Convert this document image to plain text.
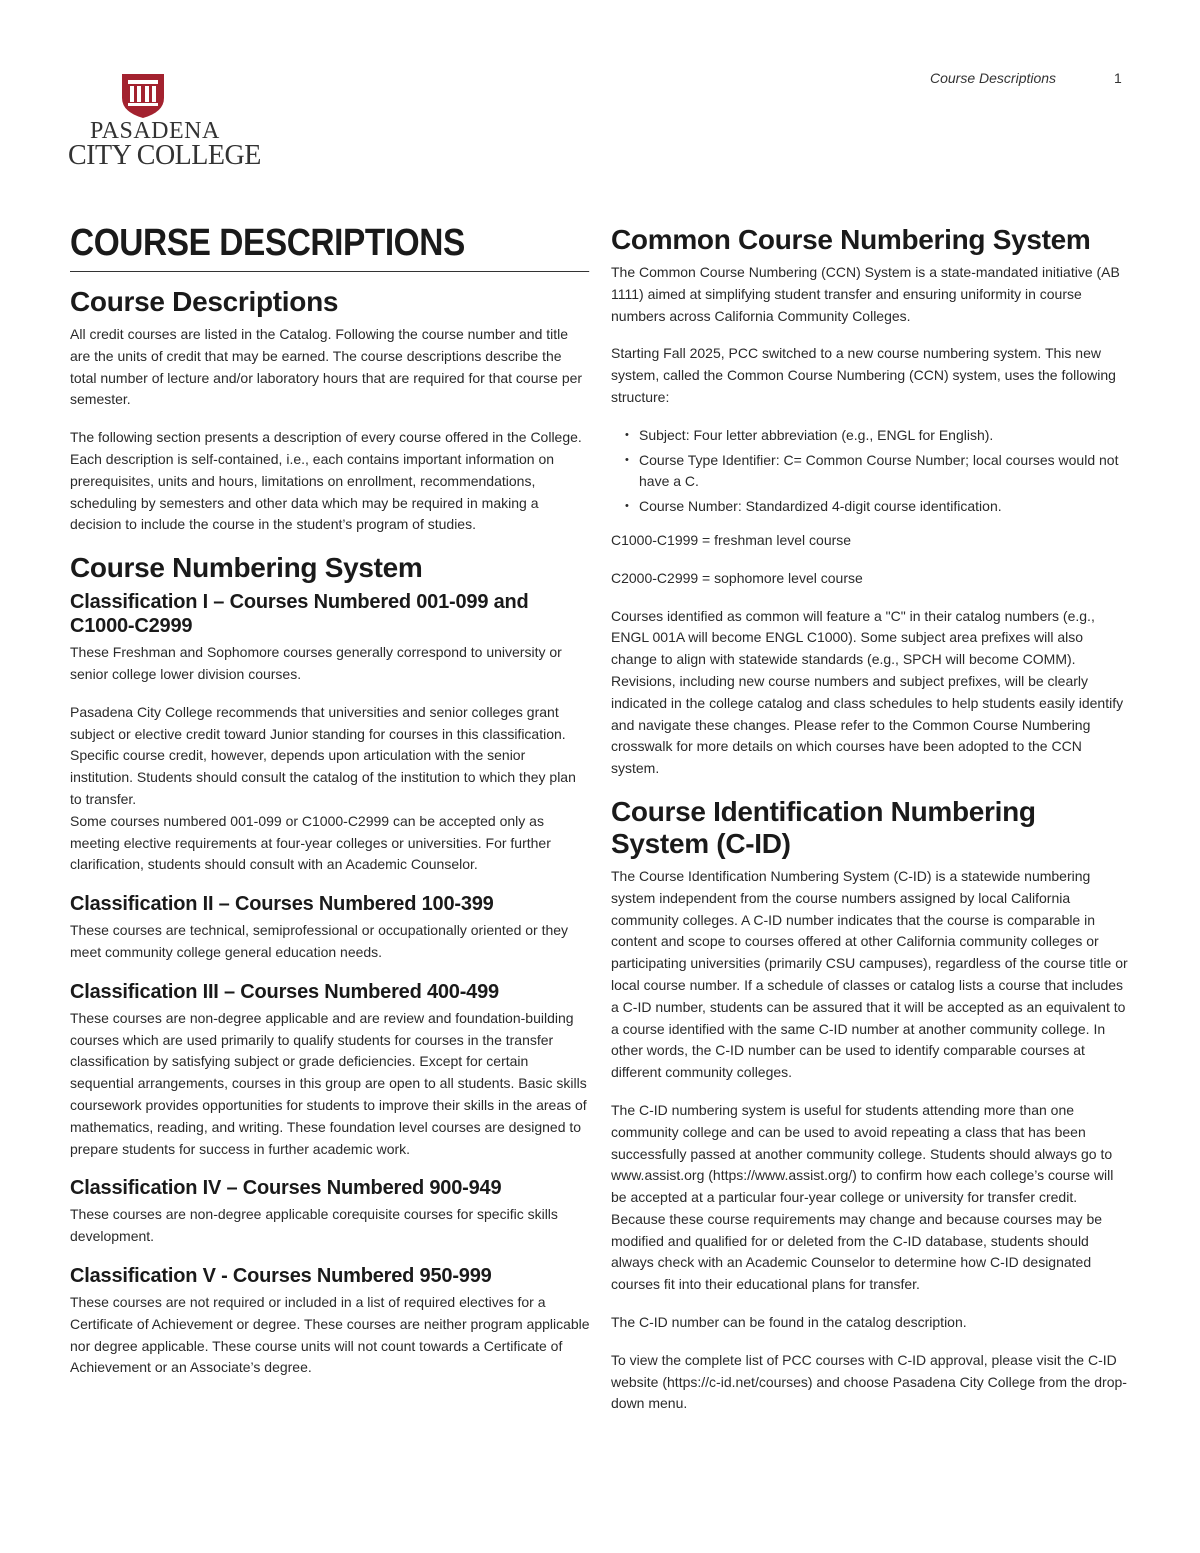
PASADENA
CITY COLLEGE
Course Descriptions	1
COURSE DESCRIPTIONS
Course Descriptions

All credit courses are listed in the Catalog. Following the course number and title are the units of credit that may be earned. The course descriptions describe the total number of lecture and/or laboratory hours that are required for that course per semester.

The following section presents a description of every course offered in the College. Each description is self-contained, i.e., each contains important information on prerequisites, units and hours, limitations on enrollment, recommendations, scheduling by semesters and other data which may be required in making a decision to include the course in the student’s program of studies.

Course Numbering System
Classification I – Courses Numbered 001-099 and C1000-C2999

These Freshman and Sophomore courses generally correspond to university or senior college lower division courses.

Pasadena City College recommends that universities and senior colleges grant subject or elective credit toward Junior standing for courses in this classification. Specific course credit, however, depends upon articulation with the senior institution. Students should consult the catalog of the institution to which they plan to transfer.

Some courses numbered 001-099 or C1000-C2999 can be accepted only as meeting elective requirements at four-year colleges or universities. For further clarification, students should consult with an Academic Counselor.

Classification II – Courses Numbered 100-399

These courses are technical, semiprofessional or occupationally oriented or they meet community college general education needs.

Classification III – Courses Numbered 400-499

These courses are non-degree applicable and are review and foundation-building courses which are used primarily to qualify students for courses in the transfer classification by satisfying subject or grade deficiencies. Except for certain sequential arrangements, courses in this group are open to all students. Basic skills coursework provides opportunities for students to improve their skills in the areas of mathematics, reading, and writing. These foundation level courses are designed to prepare students for success in further academic work.

Classification IV – Courses Numbered 900-949

These courses are non-degree applicable corequisite courses for specific skills development.

Classification V - Courses Numbered 950-999

These courses are not required or included in a list of required electives for a Certificate of Achievement or degree. These courses are neither program applicable nor degree applicable. These course units will not count towards a Certificate of Achievement or an Associate’s degree.

Common Course Numbering System

The Common Course Numbering (CCN) System is a state-mandated initiative (AB 1111) aimed at simplifying student transfer and ensuring uniformity in course numbers across California Community Colleges.

Starting Fall 2025, PCC switched to a new course numbering system. This new system, called the Common Course Numbering (CCN) system, uses the following structure:

• Subject: Four letter abbreviation (e.g., ENGL for English).
• Course Type Identifier: C= Common Course Number; local courses would not have a C.
• Course Number: Standardized 4-digit course identification.

C1000-C1999 = freshman level course

C2000-C2999 = sophomore level course

Courses identified as common will feature a "C" in their catalog numbers (e.g., ENGL 001A will become ENGL C1000). Some subject area prefixes will also change to align with statewide standards (e.g., SPCH will become COMM). Revisions, including new course numbers and subject prefixes, will be clearly indicated in the college catalog and class schedules to help students easily identify and navigate these changes. Please refer to the Common Course Numbering crosswalk for more details on which courses have been adopted to the CCN system.

Course Identification Numbering System (C-ID)

The Course Identification Numbering System (C-ID) is a statewide numbering system independent from the course numbers assigned by local California community colleges. A C-ID number indicates that the course is comparable in content and scope to courses offered at other California community colleges or participating universities (primarily CSU campuses), regardless of the course title or local course number. If a schedule of classes or catalog lists a course that includes a C-ID number, students can be assured that it will be accepted as an equivalent to a course identified with the same C-ID number at another community college. In other words, the C-ID number can be used to identify comparable courses at different community colleges.

The C-ID numbering system is useful for students attending more than one community college and can be used to avoid repeating a class that has been successfully passed at another community college. Students should always go to www.assist.org (https://www.assist.org/) to confirm how each college’s course will be accepted at a particular four-year college or university for transfer credit. Because these course requirements may change and because courses may be modified and qualified for or deleted from the C-ID database, students should always check with an Academic Counselor to determine how C-ID designated courses fit into their educational plans for transfer.

The C-ID number can be found in the catalog description.

To view the complete list of PCC courses with C-ID approval, please visit the C-ID website (https://c-id.net/courses) and choose Pasadena City College from the drop-down menu.
